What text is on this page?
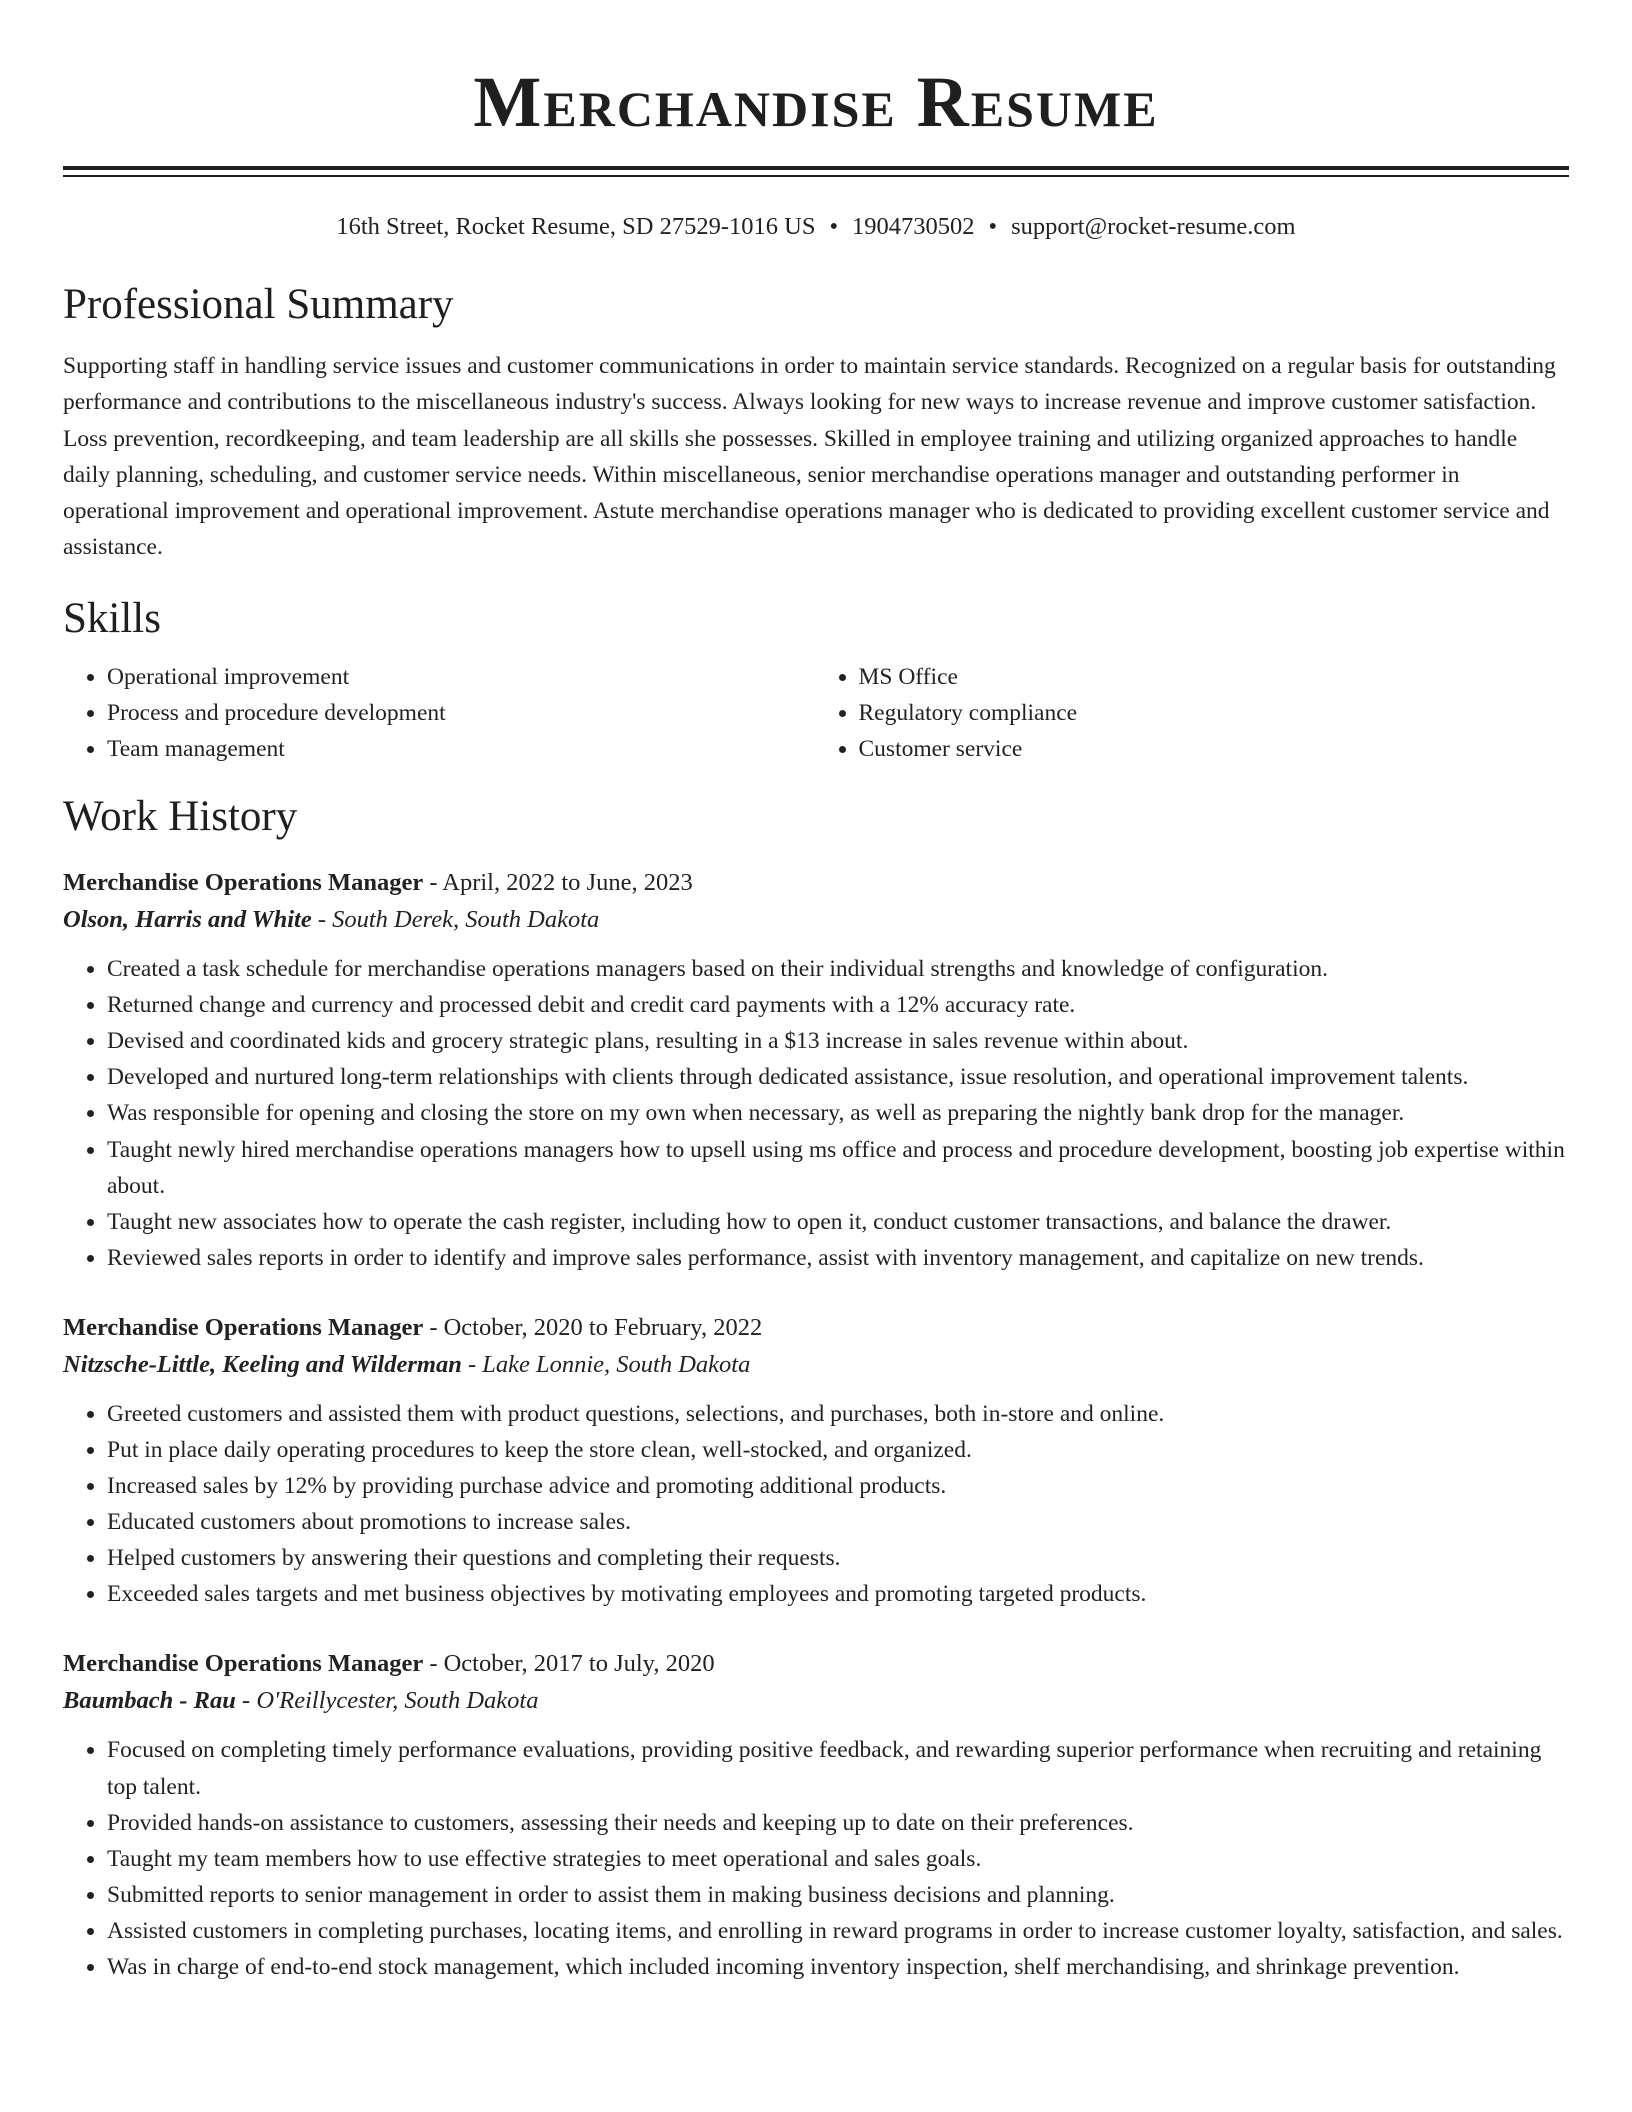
Merchandise Resume
16th Street, Rocket Resume, SD 27529-1016 US • 1904730502 • support@rocket-resume.com
Professional Summary

Supporting staff in handling service issues and customer communications in order to maintain service standards. Recognized on a regular basis for outstanding performance and contributions to the miscellaneous industry's success. Always looking for new ways to increase revenue and improve customer satisfaction. Loss prevention, recordkeeping, and team leadership are all skills she possesses. Skilled in employee training and utilizing organized approaches to handle daily planning, scheduling, and customer service needs. Within miscellaneous, senior merchandise operations manager and outstanding performer in operational improvement and operational improvement. Astute merchandise operations manager who is dedicated to providing excellent customer service and assistance.

Skills
• Operational improvement
• Process and procedure development
• Team management
• MS Office
• Regulatory compliance
• Customer service
Work History
Merchandise Operations Manager - April, 2022 to June, 2023
Olson, Harris and White - South Derek, South Dakota
• Created a task schedule for merchandise operations managers based on their individual strengths and knowledge of configuration.
• Returned change and currency and processed debit and credit card payments with a 12% accuracy rate.
• Devised and coordinated kids and grocery strategic plans, resulting in a $13 increase in sales revenue within about.
• Developed and nurtured long-term relationships with clients through dedicated assistance, issue resolution, and operational improvement talents.
• Was responsible for opening and closing the store on my own when necessary, as well as preparing the nightly bank drop for the manager.
• Taught newly hired merchandise operations managers how to upsell using ms office and process and procedure development, boosting job expertise within about.
• Taught new associates how to operate the cash register, including how to open it, conduct customer transactions, and balance the drawer.
• Reviewed sales reports in order to identify and improve sales performance, assist with inventory management, and capitalize on new trends.
Merchandise Operations Manager - October, 2020 to February, 2022
Nitzsche-Little, Keeling and Wilderman - Lake Lonnie, South Dakota
• Greeted customers and assisted them with product questions, selections, and purchases, both in-store and online.
• Put in place daily operating procedures to keep the store clean, well-stocked, and organized.
• Increased sales by 12% by providing purchase advice and promoting additional products.
• Educated customers about promotions to increase sales.
• Helped customers by answering their questions and completing their requests.
• Exceeded sales targets and met business objectives by motivating employees and promoting targeted products.
Merchandise Operations Manager - October, 2017 to July, 2020
Baumbach - Rau - O'Reillycester, South Dakota
• Focused on completing timely performance evaluations, providing positive feedback, and rewarding superior performance when recruiting and retaining top talent.
• Provided hands-on assistance to customers, assessing their needs and keeping up to date on their preferences.
• Taught my team members how to use effective strategies to meet operational and sales goals.
• Submitted reports to senior management in order to assist them in making business decisions and planning.
• Assisted customers in completing purchases, locating items, and enrolling in reward programs in order to increase customer loyalty, satisfaction, and sales.
• Was in charge of end-to-end stock management, which included incoming inventory inspection, shelf merchandising, and shrinkage prevention.
